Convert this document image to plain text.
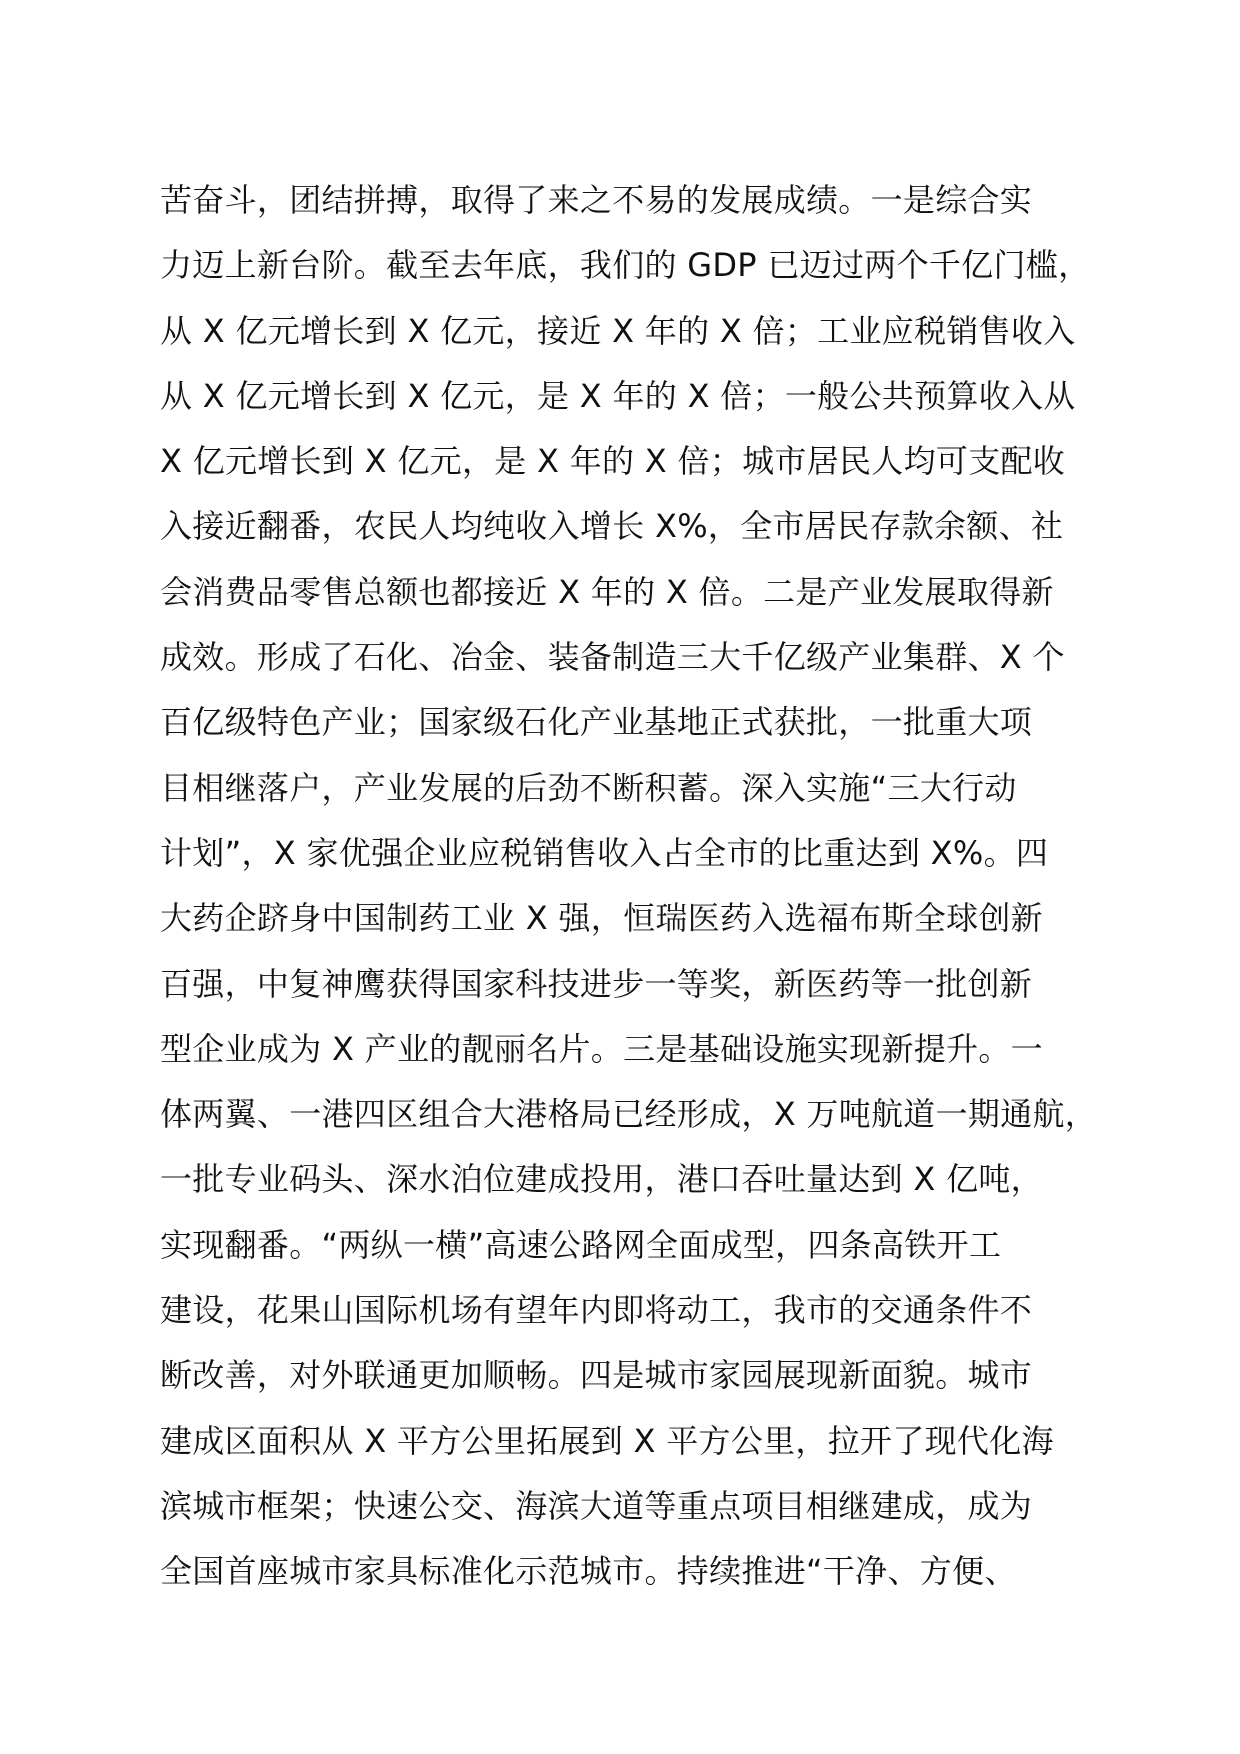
苦奋斗，团结拼搏，取得了来之不易的发展成绩。一是综合实
力迈上新台阶。截至去年底，我们的 GDP 已迈过两个千亿门槛，
从 X 亿元增长到 X 亿元，接近 X 年的 X 倍；工业应税销售收入
从 X 亿元增长到 X 亿元，是 X 年的 X 倍；一般公共预算收入从
X 亿元增长到 X 亿元，是 X 年的 X 倍；城市居民人均可支配收
入接近翻番，农民人均纯收入增长 X%，全市居民存款余额、社
会消费品零售总额也都接近 X 年的 X 倍。二是产业发展取得新
成效。形成了石化、冶金、装备制造三大千亿级产业集群、X 个
百亿级特色产业；国家级石化产业基地正式获批，一批重大项
目相继落户，产业发展的后劲不断积蓄。深入实施“三大行动
计划”，X 家优强企业应税销售收入占全市的比重达到 X%。四
大药企跻身中国制药工业 X 强，恒瑞医药入选福布斯全球创新
百强，中复神鹰获得国家科技进步一等奖，新医药等一批创新
型企业成为 X 产业的靓丽名片。三是基础设施实现新提升。一
体两翼、一港四区组合大港格局已经形成，X 万吨航道一期通航，
一批专业码头、深水泊位建成投用，港口吞吐量达到 X 亿吨，
实现翻番。“两纵一横”高速公路网全面成型，四条高铁开工
建设，花果山国际机场有望年内即将动工，我市的交通条件不
断改善，对外联通更加顺畅。四是城市家园展现新面貌。城市
建成区面积从 X 平方公里拓展到 X 平方公里，拉开了现代化海
滨城市框架；快速公交、海滨大道等重点项目相继建成，成为
全国首座城市家具标准化示范城市。持续推进“干净、方便、
